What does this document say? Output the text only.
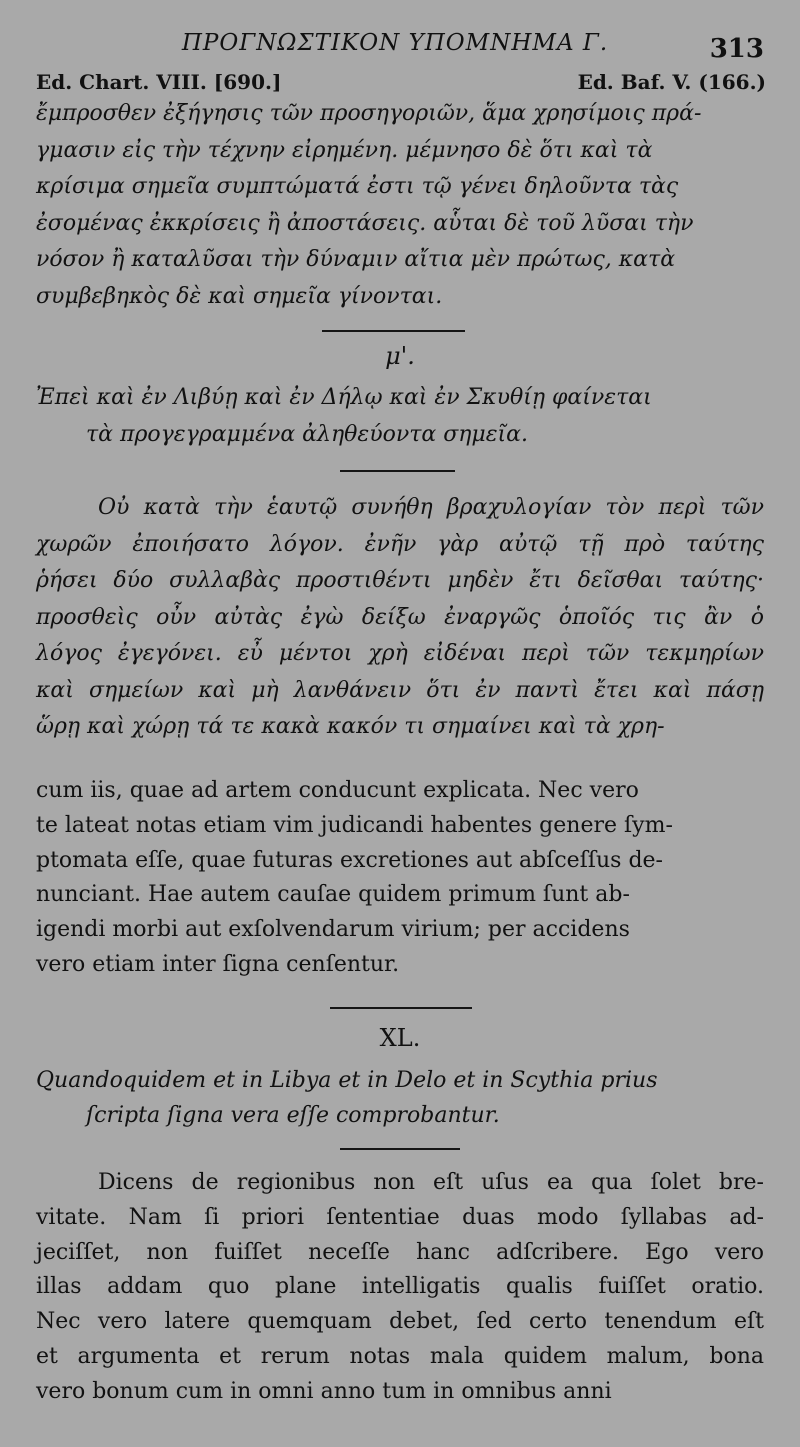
ΠΡΟΓΝΩΣΤΙΚΟΝ ΥΠΟΜΝΗΜΑ Γ.	313
Ed. Chart. VIII. [690.]	Ed. Baf. V. (166.)
ἔμπροσθεν ἐξήγησις τῶν προσηγοριῶν, ἅμα χρησίμοις πρά-
γμασιν εἰς τὴν τέχνην εἰρημένη. μέμνησο δὲ ὅτι καὶ τὰ
κρίσιμα σημεῖα συμπτώματά ἐστι τῷ γένει δηλοῦντα τὰς
ἐσομένας ἐκκρίσεις ἢ ἀποστάσεις. αὗται δὲ τοῦ λῦσαι τὴν
νόσον ἢ καταλῦσαι τὴν δύναμιν αἴτια μὲν πρώτως, κατὰ
συμβεβηκὸς δὲ καὶ σημεῖα γίνονται.
μ'.
Ἐπεὶ καὶ ἐν Λιβύῃ καὶ ἐν Δήλῳ καὶ ἐν Σκυθίῃ φαίνεται
τὰ προγεγραμμένα ἀληθεύοντα σημεῖα.
Οὐ κατὰ τὴν ἑαυτῷ συνήθη βραχυλογίαν τὸν περὶ τῶν
χωρῶν ἐποιήσατο λόγον. ἐνῆν γὰρ αὐτῷ τῇ πρὸ ταύτης
ῥήσει δύο συλλαβὰς προστιθέντι μηδὲν ἔτι δεῖσθαι ταύτης·
προσθεὶς οὖν αὐτὰς ἐγὼ δείξω ἐναργῶς ὁποῖός τις ἂν ὁ
λόγος ἐγεγόνει. εὖ μέντοι χρὴ εἰδέναι περὶ τῶν τεκμηρίων
καὶ σημείων καὶ μὴ λανθάνειν ὅτι ἐν παντὶ ἔτει καὶ πάσῃ
ὥρῃ καὶ χώρῃ τά τε κακὰ κακόν τι σημαίνει καὶ τὰ χρη-
cum iis, quae ad artem conducunt explicata. Nec vero
te lateat notas etiam vim judicandi habentes genere ſym-
ptomata eſſe, quae futuras excretiones aut abſceſſus de-
nunciant. Hae autem cauſae quidem primum ſunt ab-
igendi morbi aut exſolvendarum virium; per accidens
vero etiam inter ſigna cenſentur.
XL.
Quandoquidem et in Libya et in Delo et in Scythia prius
ſcripta ſigna vera eſſe comprobantur.
Dicens de regionibus non eſt uſus ea qua ſolet bre-
vitate. Nam ſi priori ſententiae duas modo ſyllabas ad-
jeciſſet, non fuiſſet neceſſe hanc adſcribere. Ego vero
illas addam quo plane intelligatis qualis fuiſſet oratio.
Nec vero latere quemquam debet, ſed certo tenendum eſt
et argumenta et rerum notas mala quidem malum, bona
vero bonum cum in omni anno tum in omnibus anni
